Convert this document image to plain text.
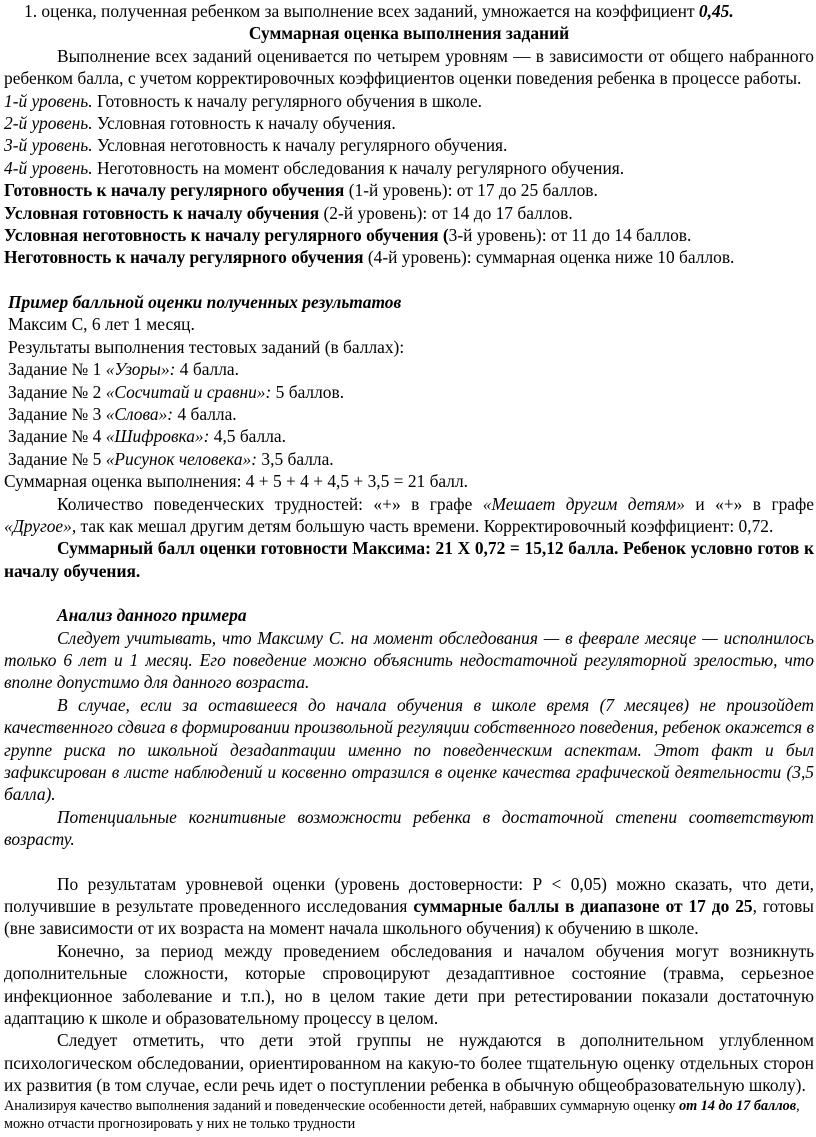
1. оценка, полученная ребенком за выполнение всех заданий, умножается на коэффициент 0,45.

Суммарная оценка выполнения заданий

Выполнение всех заданий оценивается по четырем уровням — в зависимости от общего набранного ребенком балла, с учетом корректировочных коэффициентов оценки поведения ребенка в процессе работы.

1-й уровень. Готовность к началу регулярного обучения в школе.

2-й уровень. Условная готовность к началу обучения.

3-й уровень. Условная неготовность к началу регулярного обучения.

4-й уровень. Неготовность на момент обследования к началу регулярного обучения.

Готовность к началу регулярного обучения (1-й уровень): от 17 до 25 баллов.

Условная готовность к началу обучения (2-й уровень): от 14 до 17 баллов.

Условная неготовность к началу регулярного обучения (3-й уровень): от 11 до 14 баллов.

Неготовность к началу регулярного обучения (4-й уровень): суммарная оценка ниже 10 баллов.

Пример балльной оценки полученных результатов

Максим С, 6 лет 1 месяц.

Результаты выполнения тестовых заданий (в баллах):

Задание № 1 «Узоры»: 4 балла.

Задание № 2 «Сосчитай и сравни»: 5 баллов.

Задание № 3 «Слова»: 4 балла.

Задание № 4 «Шифровка»: 4,5 балла.

Задание № 5 «Рисунок человека»: 3,5 балла.

Суммарная оценка выполнения: 4 + 5 + 4 + 4,5 + 3,5 = 21 балл.

Количество поведенческих трудностей: «+» в графе «Мешает другим детям» и «+» в графе «Другое», так как мешал другим детям большую часть времени. Корректировочный коэффициент: 0,72.

Суммарный балл оценки готовности Максима: 21 Х 0,72 = 15,12 балла. Ребенок условно готов к началу обучения.

Анализ данного примера

Следует учитывать, что Максиму С. на момент обследования — в феврале месяце — исполнилось только 6 лет и 1 месяц. Его поведение можно объяснить недостаточной регуляторной зрелостью, что вполне допустимо для данного возраста.

В случае, если за оставшееся до начала обучения в школе время (7 месяцев) не произойдет качественного сдвига в формировании произвольной регуляции собственного поведения, ребенок окажется в группе риска по школьной дезадаптации именно по поведенческим аспектам. Этот факт и был зафиксирован в листе наблюдений и косвенно отразился в оценке качества графической деятельности (3,5 балла).

Потенциальные когнитивные возможности ребенка в достаточной степени соответствуют возрасту.

По результатам уровневой оценки (уровень достоверности: Р < 0,05) можно сказать, что дети, получившие в результате проведенного исследования суммарные баллы в диапазоне от 17 до 25, готовы (вне зависимости от их возраста на момент начала школьного обучения) к обучению в школе.

Конечно, за период между проведением обследования и началом обучения могут возникнуть дополнительные сложности, которые спровоцируют дезадаптивное состояние (травма, серьезное инфекционное заболевание и т.п.), но в целом такие дети при ретестировании показали достаточную адаптацию к школе и образовательному процессу в целом.

Следует отметить, что дети этой группы не нуждаются в дополнительном углубленном психологическом обследовании, ориентированном на какую-то более тщательную оценку отдельных сторон их развития (в том случае, если речь идет о поступлении ребенка в обычную общеобразовательную школу).

Анализируя качество выполнения заданий и поведенческие особенности детей, набравших суммарную оценку от 14 до 17 баллов, можно отчасти прогнозировать у них не только трудности
